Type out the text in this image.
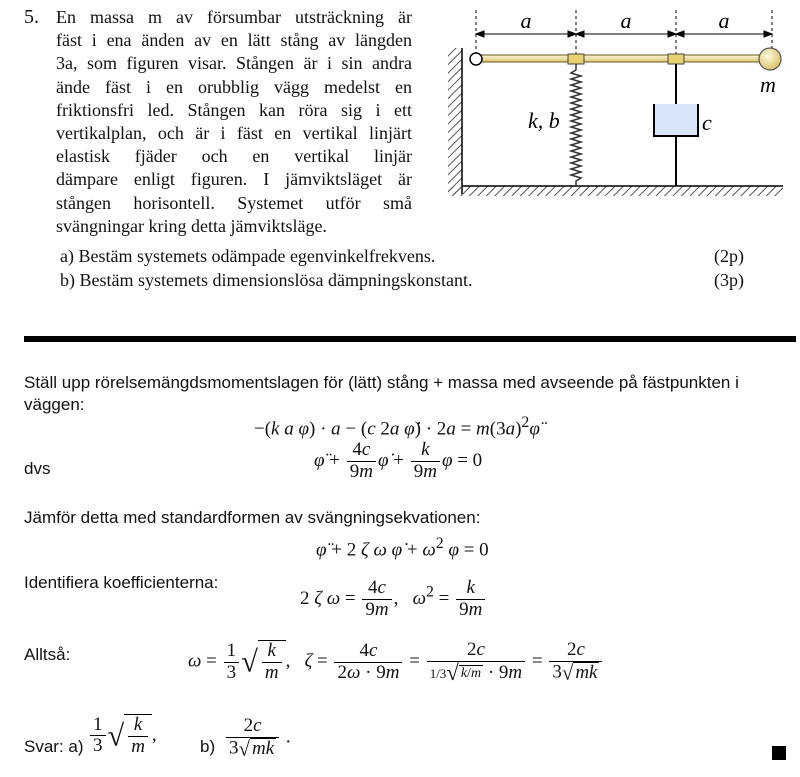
5. En massa m av försumbar utsträckning är
fäst i ena änden av en lätt stång av längden
3a, som figuren visar. Stången är i sin andra
ände fäst i en orubblig vägg medelst en
friktionsfri led. Stången kan röra sig i ett
vertikalplan, och är i fäst en vertikal linjärt
elastisk fjäder och en vertikal linjär
dämpare enligt figuren. I jämviktsläget är
stången horisontell. Systemet utför små
svängningar kring detta jämviktsläge.
a	a	a
m
k, b	c
a) Bestäm systemets odämpade egenvinkelfrekvens.	(2p)
b) Bestäm systemets dimensionslösa dämpningskonstant.	(3p)
Ställ upp rörelsemängdsmomentslagen för (lätt) stång + massa med avseende på fästpunkten i väggen:
−(k a φ) · a − (c 2a φ̇) · $2a = m(3a)^2\varphï$
dvs	φ̈ + $\frac{4c}{9m}$ φ̇ + $\frac{k}{9m}$ φ = 0
Jämför detta med standardformen av svängningsekvationen:
φ̈ + 2 ζ ω φ̇ + $\omega^2$ φ = 0
Identifiera koefficienterna:
2 ζ $\omega = \frac{4c}{9m}$ ,   $\omega^2 = \frac{k}{9m}$
Alltså:	$\omega = \frac{1}{3}$ √ $\frac{k}{m}$ ,   $\zeta = \frac{4c}{2\omega \cdot 9m} = \frac{2c}{1/3√ k/m \cdot 9m} = \frac{2c}{3√ mk}$
Svar: $a) \frac{1}{3}$ √ $\frac{k}{m}$ ,
$b) \frac{2c}{3√ mk}$ .
